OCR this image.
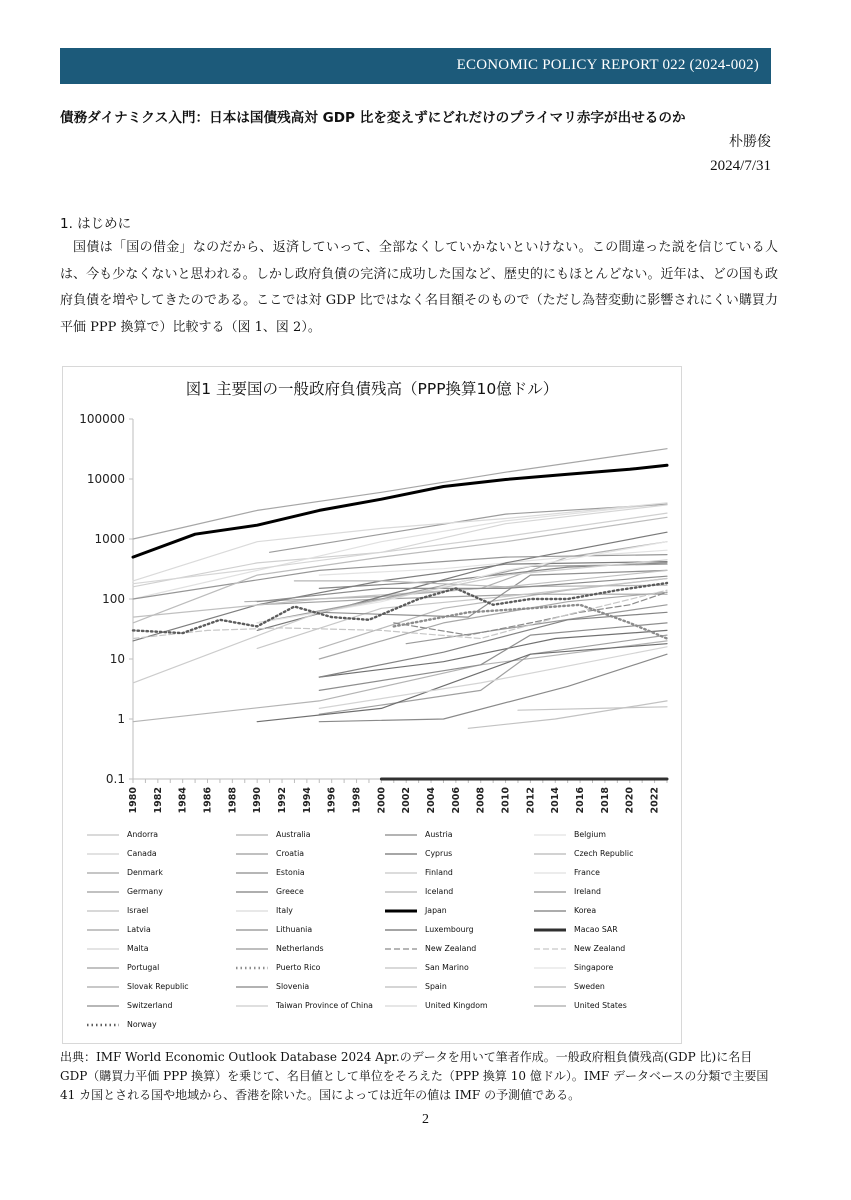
ECONOMIC POLICY REPORT 022 (2024-002)
債務ダイナミクス入門：日本は国債残高対 GDP 比を変えずにどれだけのプライマリ赤字が出せるのか
朴勝俊
2024/7/31
1. はじめに
国債は「国の借金」なのだから、返済していって、全部なくしていかないといけない。この間違った説を信じている人は、今も少なくないと思われる。しかし政府負債の完済に成功した国など、歴史的にもほとんどない。近年は、どの国も政府負債を増やしてきたのである。ここでは対 GDP 比ではなく名目額そのもので（ただし為替変動に影響されにくい購買力平価 PPP 換算で）比較する（図 1、図 2）。
100000
10000
1000
100
10
1
0.1
1980 1982 1984 1986 1988 1990 1992 1994 1996 1998 2000 2002 2004 2006 2008 2010 2012 2014 2016 2018 2020 2022
図1 主要国の一般政府負債残高（PPP換算10億ドル）
Andorra	Australia	Austria	Belgium
Canada	Croatia	Cyprus	Czech Republic
Denmark	Estonia	Finland	France
Germany	Greece	Iceland	Ireland
Israel	Italy	Japan	Korea
Latvia	Lithuania	Luxembourg	Macao SAR
Malta	Netherlands	New Zealand	New Zealand
Portugal	Puerto Rico	San Marino	Singapore
Slovak Republic	Slovenia	Spain	Sweden
Switzerland	Taiwan Province of China	United Kingdom	United States
Norway
出典：IMF World Economic Outlook Database 2024 Apr.のデータを用いて筆者作成。一般政府粗負債残高(GDP 比)に名目 GDP（購買力平価 PPP 換算）を乗じて、名目値として単位をそろえた（PPP 換算 10 億ドル）。IMF データベースの分類で主要国 41 カ国とされる国や地域から、香港を除いた。国によっては近年の値は IMF の予測値である。
2
